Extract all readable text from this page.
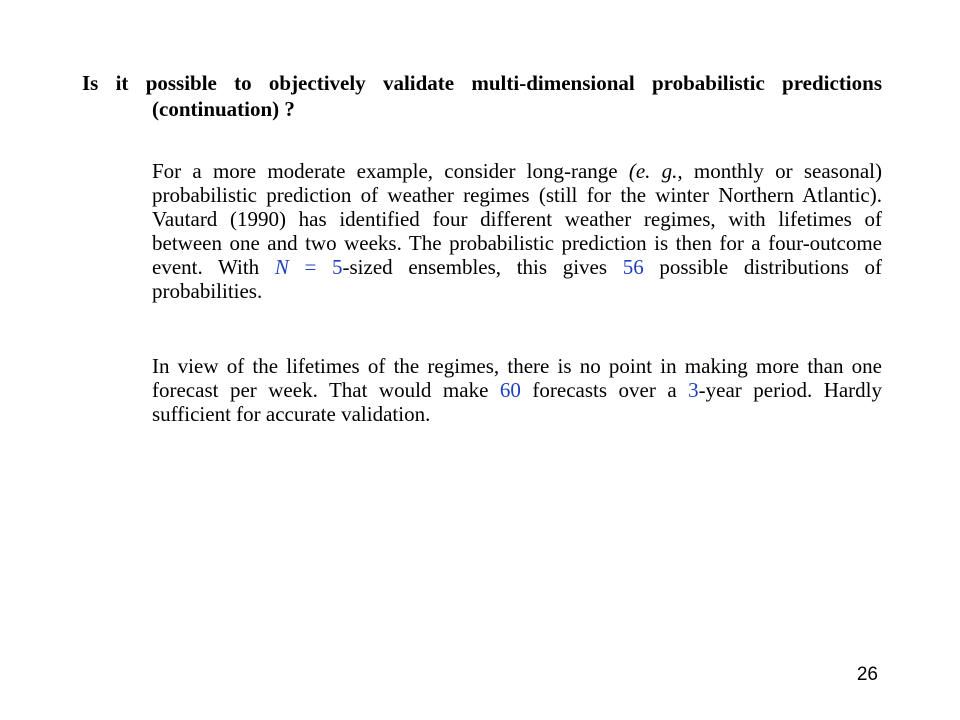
Is it possible to objectively validate multi-dimensional probabilistic predictions (continuation) ?
For a more moderate example, consider long-range (e. g., monthly or seasonal) probabilistic prediction of weather regimes (still for the winter Northern Atlantic). Vautard (1990) has identified four different weather regimes, with lifetimes of between one and two weeks. The probabilistic prediction is then for a four-outcome event. With N = 5-sized ensembles, this gives 56 possible distributions of probabilities.
In view of the lifetimes of the regimes, there is no point in making more than one forecast per week. That would make 60 forecasts over a 3-year period. Hardly sufficient for accurate validation.
26
